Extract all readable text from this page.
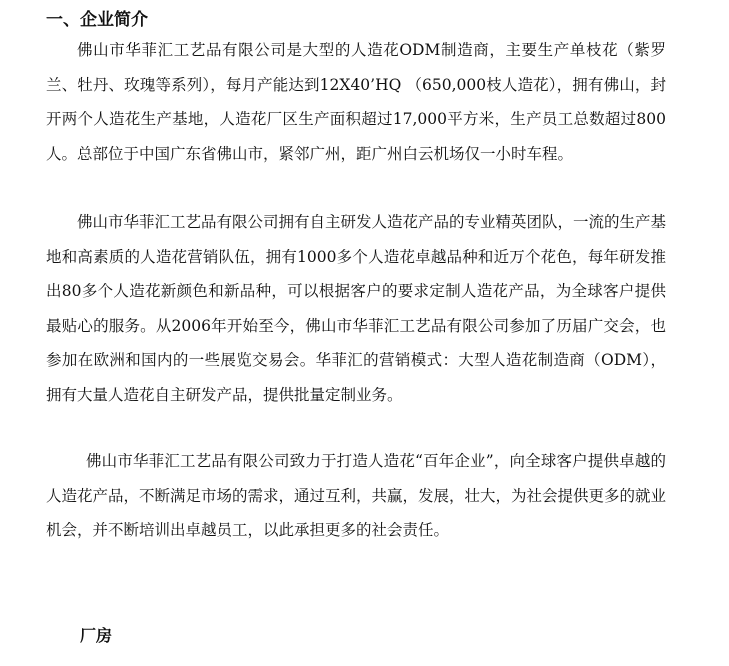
一、企业简介
佛山市华菲汇工艺品有限公司是大型的人造花ODM制造商，主要生产单枝花（紫罗兰、牡丹、玫瑰等系列），每月产能达到12X40’HQ （650,000枝人造花），拥有佛山，封开两个人造花生产基地，人造花厂区生产面积超过17,000平方米，生产员工总数超过800人。总部位于中国广东省佛山市，紧邻广州，距广州白云机场仅一小时车程。
佛山市华菲汇工艺品有限公司拥有自主研发人造花产品的专业精英团队，一流的生产基地和高素质的人造花营销队伍，拥有1000多个人造花卓越品种和近万个花色，每年研发推出80多个人造花新颜色和新品种，可以根据客户的要求定制人造花产品，为全球客户提供最贴心的服务。从2006年开始至今，佛山市华菲汇工艺品有限公司参加了历届广交会，也参加在欧洲和国内的一些展览交易会。华菲汇的营销模式：大型人造花制造商（ODM），拥有大量人造花自主研发产品，提供批量定制业务。
佛山市华菲汇工艺品有限公司致力于打造人造花“百年企业”，向全球客户提供卓越的人造花产品，不断满足市场的需求，通过互利，共赢，发展，壮大，为社会提供更多的就业机会，并不断培训出卓越员工，以此承担更多的社会责任。
厂房
